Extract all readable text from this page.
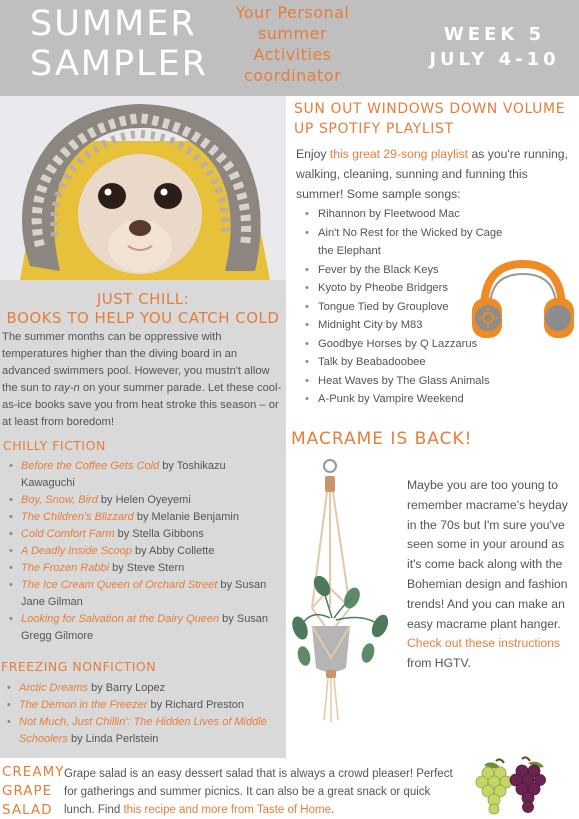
SUMMER
SAMPLER
Your Personal
summer
Activities
coordinator
WEEK 5
JULY 4-10
JUST CHILL:
BOOKS TO HELP YOU CATCH COLD
The summer months can be oppressive with temperatures higher than the diving board in an advanced swimmers pool. However, you mustn't allow the sun to ray-n on your summer parade. Let these cool-as-ice books save you from heat stroke this season – or at least from boredom!
CHILLY FICTION
• Before the Coffee Gets Cold by Toshikazu Kawaguchi
• Boy, Snow, Bird by Helen Oyeyemi
• The Children's Blizzard by Melanie Benjamin
• Cold Comfort Farm by Stella Gibbons
• A Deadly Inside Scoop by Abby Collette
• The Frozen Rabbi by Steve Stern
• The Ice Cream Queen of Orchard Street by Susan Jane Gilman
• Looking for Salvation at the Dairy Queen by Susan Gregg Gilmore
FREEZING NONFICTION
• Arctic Dreams by Barry Lopez
• The Demon in the Freezer by Richard Preston
• Not Much, Just Chillin': The Hidden Lives of Middle Schoolers by Linda Perlstein
SUN OUT WINDOWS DOWN VOLUME UP SPOTIFY PLAYLIST
Enjoy this great 29-song playlist as you're running, walking, cleaning, sunning and funning this summer! Some sample songs:
• Rihannon by Fleetwood Mac
• Ain't No Rest for the Wicked by Cage the Elephant
• Fever by the Black Keys
• Kyoto by Pheobe Bridgers
• Tongue Tied by Grouplove
• Midnight City by M83
• Goodbye Horses by Q Lazzarus
• Talk by Beabadoobee
• Heat Waves by The Glass Animals
• A-Punk by Vampire Weekend
MACRAME IS BACK!
Maybe you are too young to remember macrame's heyday in the 70s but I'm sure you've seen some in your around as it's come back along with the Bohemian design and fashion trends! And you can make an easy macrame plant hanger. Check out these instructions from HGTV.
CREAMY
GRAPE
SALAD
Grape salad is an easy dessert salad that is always a crowd pleaser! Perfect for gatherings and summer picnics. It can also be a great snack or quick lunch. Find this recipe and more from Taste of Home.
